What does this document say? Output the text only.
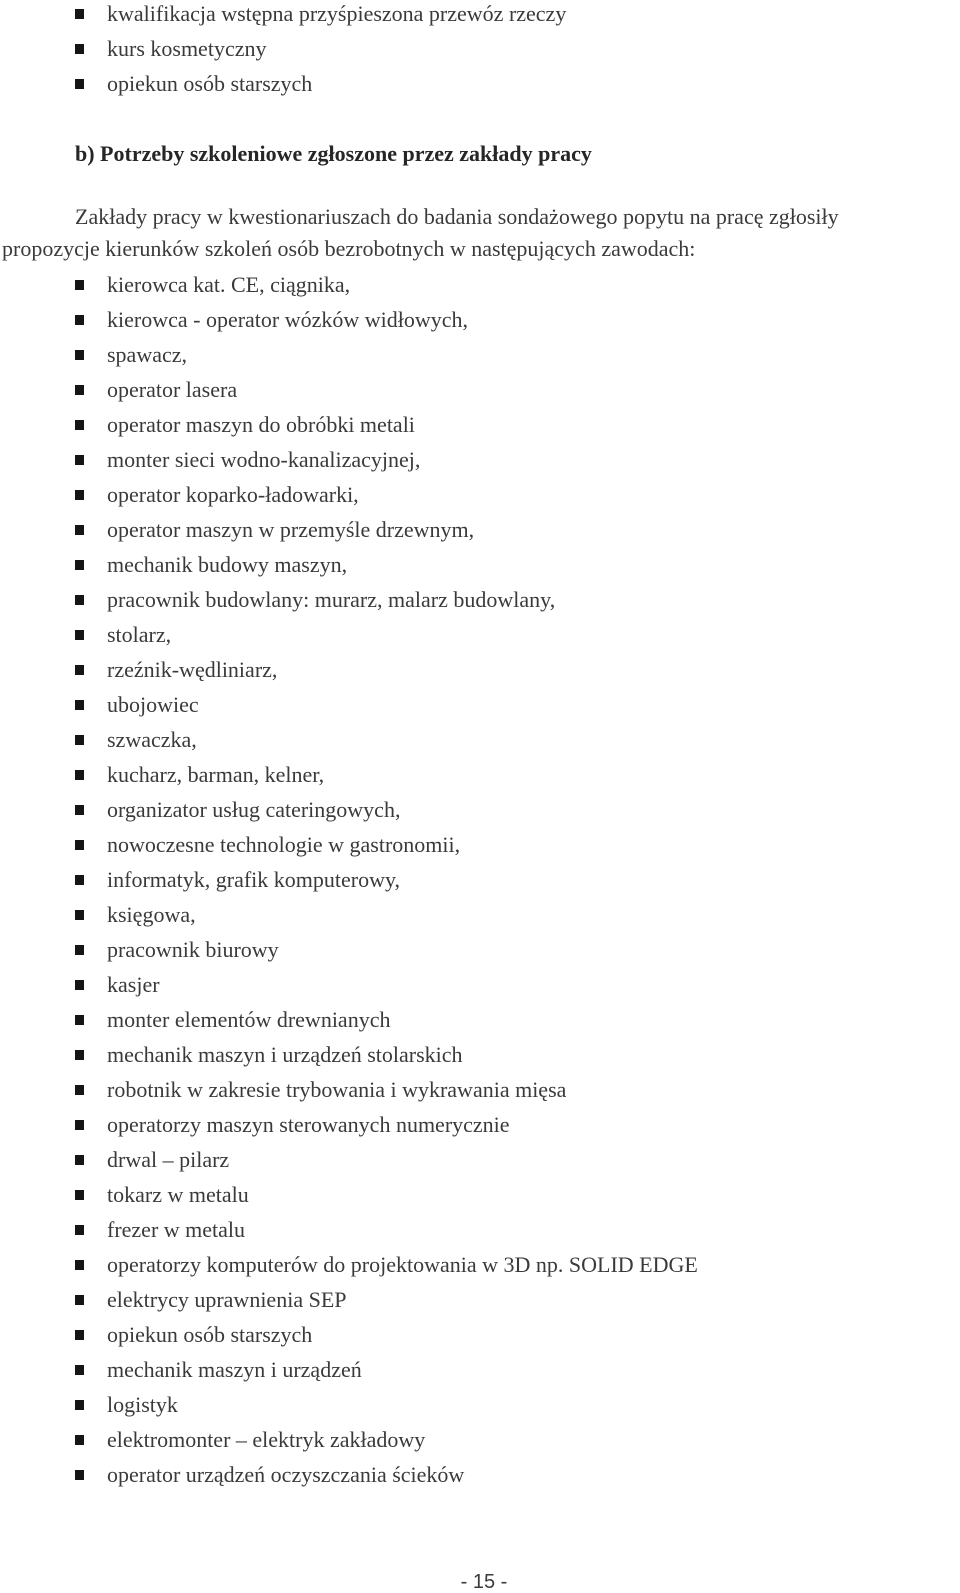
kwalifikacja wstępna przyśpieszona przewóz rzeczy
kurs kosmetyczny
opiekun osób starszych
b) Potrzeby szkoleniowe zgłoszone przez zakłady pracy
Zakłady pracy w kwestionariuszach do badania sondażowego popytu na pracę zgłosiły
propozycje kierunków szkoleń osób bezrobotnych w następujących zawodach:
kierowca kat. CE, ciągnika,
kierowca - operator wózków widłowych,
spawacz,
operator lasera
operator maszyn do obróbki metali
monter sieci wodno-kanalizacyjnej,
operator koparko-ładowarki,
operator maszyn w przemyśle drzewnym,
mechanik budowy maszyn,
pracownik budowlany: murarz, malarz budowlany,
stolarz,
rzeźnik-wędliniarz,
ubojowiec
szwaczka,
kucharz, barman, kelner,
organizator usług cateringowych,
nowoczesne technologie w gastronomii,
informatyk, grafik komputerowy,
księgowa,
pracownik biurowy
kasjer
monter elementów drewnianych
mechanik maszyn i urządzeń stolarskich
robotnik w zakresie trybowania i wykrawania mięsa
operatorzy maszyn sterowanych numerycznie
drwal – pilarz
tokarz w metalu
frezer w metalu
operatorzy komputerów do projektowania w 3D np. SOLID EDGE
elektrycy uprawnienia SEP
opiekun osób starszych
mechanik maszyn i urządzeń
logistyk
elektromonter – elektryk zakładowy
operator urządzeń oczyszczania ścieków
- 15 -
